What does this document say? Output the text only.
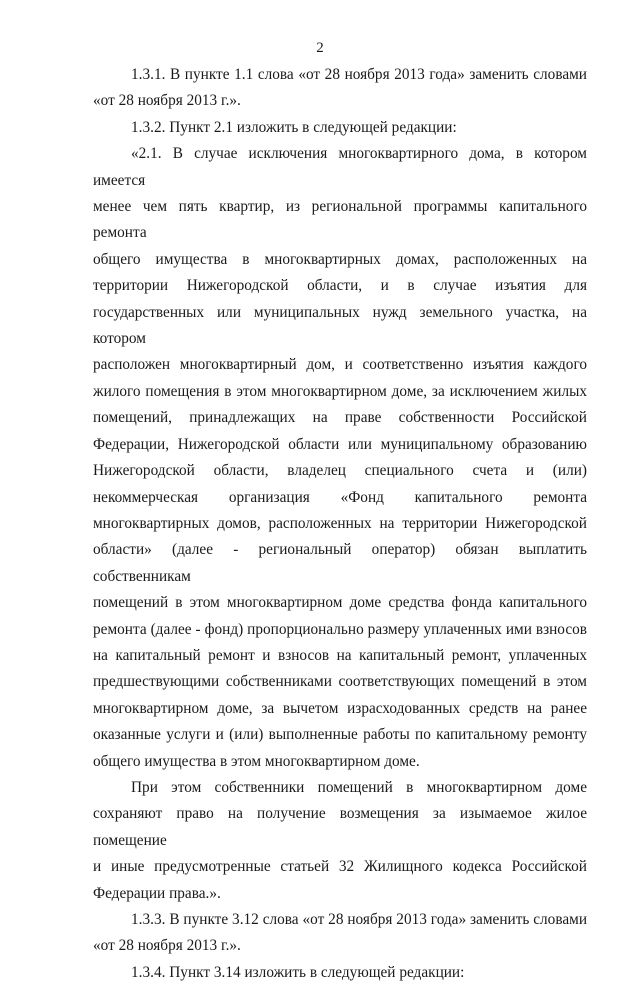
2
1.3.1. В пункте 1.1 слова «от 28 ноября 2013 года» заменить словами
«от 28 ноября 2013 г.».
1.3.2. Пункт 2.1 изложить в следующей редакции:
«2.1. В случае исключения многоквартирного дома, в котором имеется
менее чем пять квартир, из региональной программы капитального ремонта
общего имущества в многоквартирных домах, расположенных на
территории Нижегородской области, и в случае изъятия для
государственных или муниципальных нужд земельного участка, на котором
расположен многоквартирный дом, и соответственно изъятия каждого
жилого помещения в этом многоквартирном доме, за исключением жилых
помещений, принадлежащих на праве собственности Российской
Федерации, Нижегородской области или муниципальному образованию
Нижегородской области, владелец специального счета и (или)
некоммерческая организация «Фонд капитального ремонта
многоквартирных домов, расположенных на территории Нижегородской
области» (далее - региональный оператор) обязан выплатить собственникам
помещений в этом многоквартирном доме средства фонда капитального
ремонта (далее - фонд) пропорционально размеру уплаченных ими взносов
на капитальный ремонт и взносов на капитальный ремонт, уплаченных
предшествующими собственниками соответствующих помещений в этом
многоквартирном доме, за вычетом израсходованных средств на ранее
оказанные услуги и (или) выполненные работы по капитальному ремонту
общего имущества в этом многоквартирном доме.
При этом собственники помещений в многоквартирном доме
сохраняют право на получение возмещения за изымаемое жилое помещение
и иные предусмотренные статьей 32 Жилищного кодекса Российской
Федерации права.».
1.3.3. В пункте 3.12 слова «от 28 ноября 2013 года» заменить словами
«от 28 ноября 2013 г.».
1.3.4. Пункт 3.14 изложить в следующей редакции:
